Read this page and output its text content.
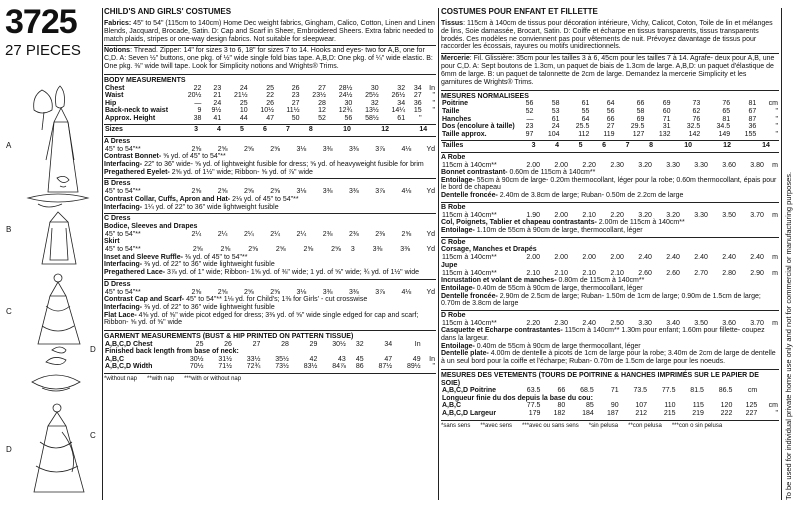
3725
27 PIECES
A
B
C
D
D
C
CHILD'S AND GIRLS' COSTUMES

Fabrics: 45" to 54" (115cm to 140cm) Home Dec weight fabrics, Gingham, Calico, Cotton, Linen and Linen Blends, Jacquard, Brocade, Satin. D: Cap and Scarf in Sheer, Embroidered Sheers. Extra fabric needed to match plaids, stripes or one-way design fabrics. Not suitable for sleepwear.

Notions: Thread. Zipper: 14" for sizes 3 to 6, 18" for sizes 7 to 14. Hooks and eyes- two for A,B, one for C,D. A: Seven ½" buttons, one pkg. of ½" wide single fold bias tape. A,B,D: One pkg. of ¼" wide elastic. B: One pkg. ⅜" wide twill tape. Look for Simplicity notions and Wrights® Trims.

BODY MEASUREMENTS
Chest	22	23	24	25	26	27	28½	30	32	34	In
Waist	20½	21	21½	22	23	23½	24½	25½	26½	27	"
Hip	—	24	25	26	27	28	30	32	34	36	"
Back-neck to waist	9	9½	10	10½	11½	12	12¾	13½	14¼	15	"
Approx. Height	38	41	44	47	50	52	56	58½	61	"	
Sizes	3	4	5	6	7	8	10	12	14	
A Dress
45" to 54"**	2⅝	2⅝	2⅝	2⅝	3⅛	3⅜	3⅜	3⅞	4⅛	Yd
Contrast Bonnet- ⅝ yd. of 45" to 54"**
Interfacing- 22" to 36" wide- ⅝ yd. of lightweight fusible for dress; ⅝ yd. of heavyweight fusible for brim
Pregathered Eyelet- 2⅝ yd. of 1½" wide; Ribbon- ⅝ yd. of ⅞" wide
B Dress
45" to 54"**	2⅝	2⅝	2⅝	2⅝	3⅛	3⅜	3⅜	3⅞	4⅛	Yd
Contrast Collar, Cuffs, Apron and Hat- 2⅛ yd. of 45" to 54"**
Interfacing- 1¼ yd. of 22" to 36" wide lightweight fusible
C Dress
Bodice, Sleeves and Drapes
45" to 54"**	2¼	2¼	2¼	2¼	2¼	2⅜	2⅜	2⅜	2⅝	Yd
Skirt
45" to 54"**	2⅝	2⅝	2⅝	2⅝	2⅝	2⅝	3	3⅜	3⅜	Yd
Inset and Sleeve Ruffle- ⅜ yd. of 45" to 54"**
Interfacing- ⅜ yd. of 22" to 36" wide lightweight fusible
Pregathered Lace- 3⅞ yd. of 1" wide; Ribbon- 1⅝ yd. of ⅜" wide; 1 yd. of ⅝" wide; ¾ yd. of 1½" wide
D Dress
45" to 54"**	2⅝	2⅝	2⅝	2⅝	3⅛	3⅜	3⅜	3⅞	4⅛	Yd
Contrast Cap and Scarf- 45" to 54"** 1⅛ yd. for Child's; 1⅜ for Girls' - cut crosswise
Interfacing- ⅜ yd. of 22" to 36" wide lightweight fusible
Flat Lace- 4⅝ yd. of ⅝" wide picot edged for dress; 3⅜ yd. of ⅝" wide single edged for cap and scarf; Ribbon- ⅝ yd. of ⅝" wide
GARMENT MEASUREMENTS (BUST & HIP PRINTED ON PATTERN TISSUE)
A,B,C,D Chest	25	26	27	28	29	30½	32	34	In	
Finished back length from base of neck:										
A,B,C	30½	31½	33½	35½	42	43	45	47	49	In
A,B,C,D Width	70½	71½	72¾	73½	83½	84⅞	86	87½	89½	"
*without nap **with nap ***with or without nap
COSTUMES POUR ENFANT ET FILLETTE

Tissus: 115cm à 140cm de tissus pour décoration intérieure, Vichy, Calicot, Coton, Toile de lin et mélanges de lins, Soie damassée, Brocart, Satin. D: Coiffe et écharpe en tissus transparents, tissus transparents brodés. Ces modèles ne conviennent pas pour vêtements de nuit. Prévoyez davantage de tissus pour raccorder les écossais, rayures ou motifs unidirectionnels.

Mercerie: Fil. Glissière: 35cm pour les tailles 3 à 6, 45cm pour les tailles 7 à 14. Agrafe- deux pour A,B, une pour C,D. A: Sept boutons de 1.3cm, un paquet de biais de 1.3cm de large. A,B,D: un paquet d'élastique de 6mm de large. B: un paquet de talonnette de 2cm de large. Demandez la mercerie Simplicity et les garnitures de Wrights® Trims.

MESURES NORMALISEES
Poitrine	56	58	61	64	66	69	73	76	81	cm
Taille	52	53	55	56	58	60	62	65	67	"
Hanches	—	61	64	66	69	71	76	81	87	"
Dos (encolure à taille)	23	24	25.5	27	29.5	31	32.5	34.5	36	"
Taille approx.	97	104	112	119	127	132	142	149	155	"
Tailles	3	4	5	6	7	8	10	12	14	
A Robe
115cm à 140cm**	2.00	2.00	2.20	2.30	3.20	3.30	3.30	3.60	3.80	m
Bonnet contrastant- 0.60m de 115cm à 140cm**
Entoilage- 55cm à 90cm de large- 0.20m thermocollant, léger pour la robe; 0.60m thermocollant, épais pour le bord de chapeau
Dentelle froncée- 2.40m de 3.8cm de large; Ruban- 0.50m de 2.2cm de large
B Robe
115cm à 140cm**	1.90	2.00	2.10	2.20	3.20	3.20	3.30	3.50	3.70	m
Col, Poignets, Tablier et chapeau contrastants- 2.00m de 115cm à 140cm**
Entoilage- 1.10m de 55cm à 90cm de large, thermocollant, léger
C Robe
Corsage, Manches et Drapés
115cm à 140cm**	2.00	2.00	2.00	2.00	2.40	2.40	2.40	2.40	2.40	m
Jupe
115cm à 140cm**	2.10	2.10	2.10	2.10	2.60	2.60	2.70	2.80	2.90	m
Incrustation et volant de manches- 0.80m de 115cm à 140cm**
Entoilage- 0.40m de 55cm à 90cm de large, thermocollant, léger
Dentelle froncée- 2.90m de 2.5cm de large; Ruban- 1.50m de 1cm de large; 0.90m de 1.5cm de large; 0.70m de 3.8cm de large
D Robe
115cm à 140cm**	2.20	2.30	2.40	2.50	3.30	3.40	3.50	3.60	3.70	m
Casquette et Echarpe contrastantes- 115cm à 140cm** 1.30m pour enfant; 1.60m pour fillette- coupez dans la largeur.
Entoilage- 0.40m de 55cm à 90cm de large thermocollant, léger
Dentelle plate- 4.00m de dentelle à picots de 1cm de large pour la robe; 3.40m de 2cm de large de dentelle à un seul bord pour la coiffe et l'écharpe; Ruban- 0.70m de 1.5cm de large pour les noeuds.
MESURES DES VETEMENTS (TOURS DE POITRINE & HANCHES IMPRIMÉS SUR LE PAPIER DE SOIE)
A,B,C,D Poitrine	63.5	66	68.5	71	73.5	77.5	81.5	86.5	cm	
Longueur finie du dos depuis la base du cou:										
A,B,C	77.5	80	85	90	107	110	115	120	125	cm
A,B,C,D Largeur	179	182	184	187	212	215	219	222	227	"
*sans sens **avec sens ***avec ou sans sens *sin pelusa **con pelusa ***con o sin pelusa	To be used for individual private home use only and not for commercial or manufacturing purposes.
